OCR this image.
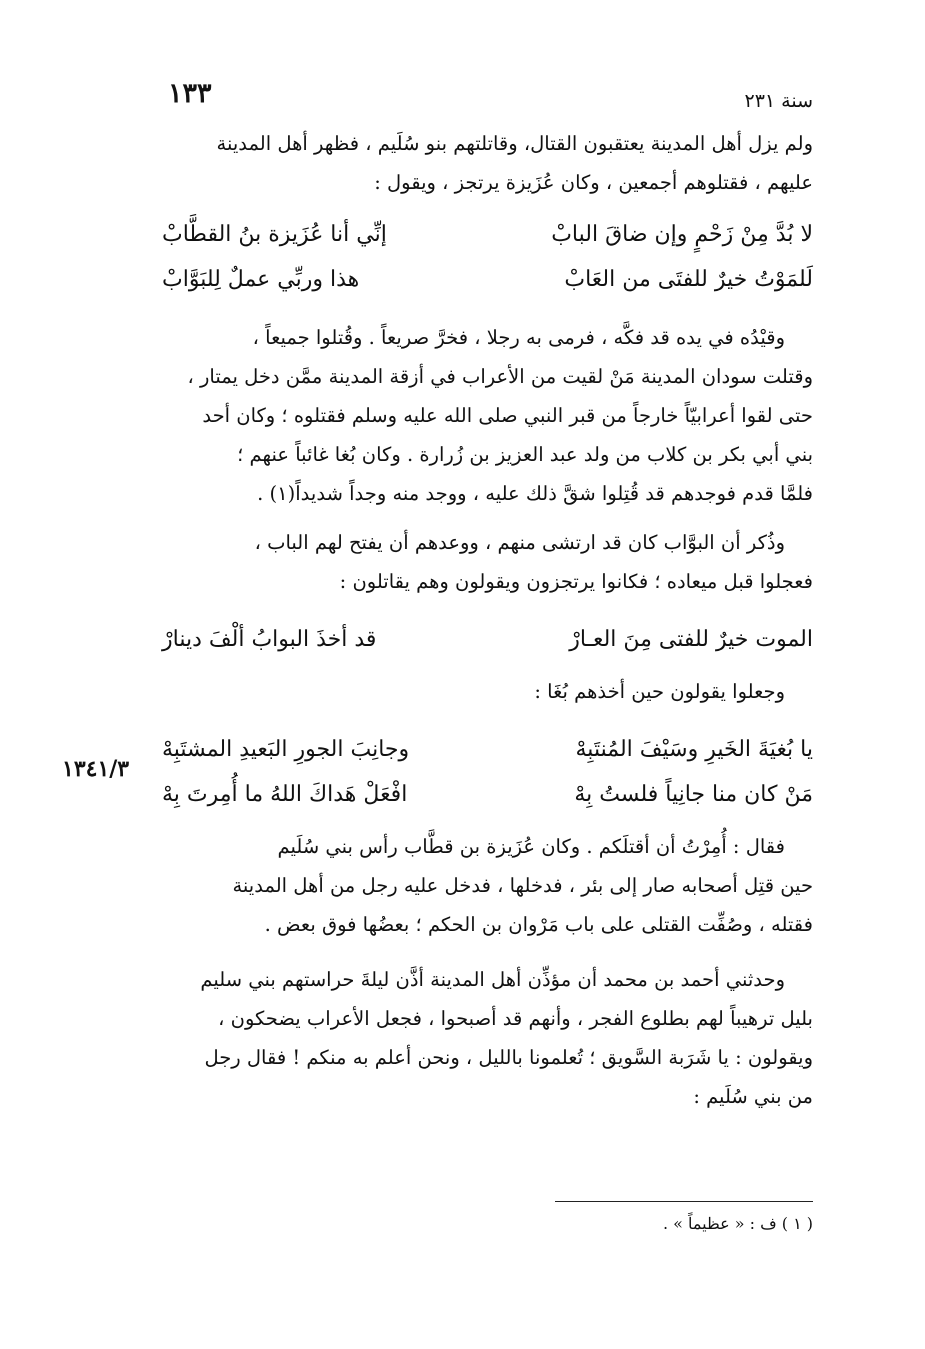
١٣٣	سنة ٢٣١
١٣٤١/٣

ولم يزل أهل المدينة يعتقبون القتال، وقاتلتهم بنو سُلَيم ، فظهر أهل المدينة
عليهم ، فقتلوهم أجمعين ، وكان عُزَيزة يرتجز ، ويقول :

لا بُدَّ مِنْ زَحْمٍ وإن ضاقَ البابْ
إنِّي أنا عُزَيزة بنُ القطَّابْ
لَلمَوْتُ خيرٌ للفتَى من العَابْ
هذا وربِّي عملٌ لِلبَوَّابْ

وقيْدُه في يده قد فكَّه ، فرمى به رجلا ، فخرَّ صريعاً . وقُتلوا جميعاً ،
وقتلت سودان المدينة مَنْ لقيت من الأعراب في أزقة المدينة ممَّن دخل يمتار ،
حتى لقوا أعرابيّاً خارجاً من قبر النبي صلى الله عليه وسلم فقتلوه ؛ وكان أحد
بني أبي بكر بن كلاب من ولد عبد العزيز بن زُرارة . وكان بُغا غائباً عنهم ؛
فلمَّا قدم فوجدهم قد قُتِلوا شقَّ ذلك عليه ، ووجد منه وجداً شديداً(١) .

وذُكر أن البوَّاب كان قد ارتشى منهم ، ووعدهم أن يفتح لهم الباب ،
فعجلوا قبل ميعاده ؛ فكانوا يرتجزون ويقولون وهم يقاتلون :

الموت خيرٌ للفتى مِنَ العـارْ
قد أخذَ البوابُ ألْفَ دينارْ

وجعلوا يقولون حين أخذهم بُغَا :

يا بُغيَةَ الخَيرِ وسَيْفَ المُنتَبِهْ
وجانِبَ الجورِ البَعيدِ المشتَبِهْ
مَنْ كان منا جانِياً فلستُ بِهْ
افْعَلْ هَداكَ اللهُ ما أُمِرتَ بِهْ

فقال : أُمِرْتُ أن أقتلَكم . وكان عُزَيزة بن قطَّاب رأس بني سُلَيم
حين قتِل أصحابه صار إلى بئر ، فدخلها ، فدخل عليه رجل من أهل المدينة
فقتله ، وصُفِّت القتلى على باب مَرْوان بن الحكم ؛ بعضُها فوق بعض .

وحدثني أحمد بن محمد أن مؤذِّن أهل المدينة أذَّن ليلةَ حراستهم بني سليم
بليل ترهيباً لهم بطلوع الفجر ، وأنهم قد أصبحوا ، فجعل الأعراب يضحكون ،
ويقولون : يا شَرَبة السَّويق ؛ تُعلمونا بالليل ، ونحن أعلم به منكم ! فقال رجل
من بني سُلَيم :

( ١ ) ف : « عظيماً » .
